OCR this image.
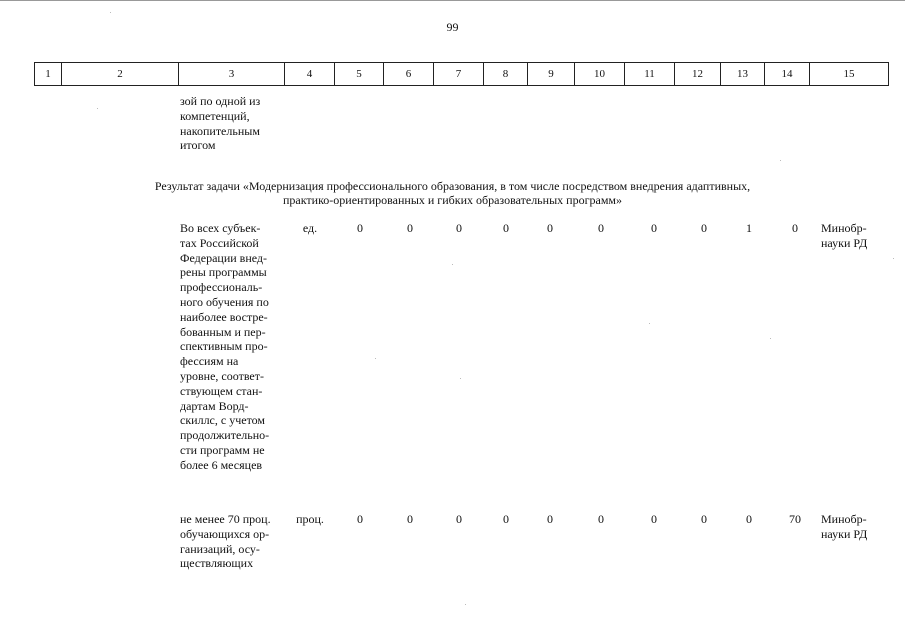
99
1	2	3	4	5	6	7	8	9	10	11	12	13	14	15
зой по одной из
компетенций,
накопительным
итогом
Результат задачи «Модернизация профессионального образования, в том числе посредством внедрения адаптивных,
практико-ориентированных и гибких образовательных программ»
Во всех субъек-
тах Российской
Федерации внед-
рены программы
профессиональ-
ного обучения по
наиболее востре-
бованным и пер-
спективным про-
фессиям на
уровне, соответ-
ствующем стан-
дартам Ворд-
скиллс, с учетом
продолжительно-
сти программ не
более 6 месяцев
ед.	0	0	0	0	0	0	0	0	1	0	Минобр-
науки РД
не менее 70 проц.
обучающихся ор-
ганизаций, осу-
ществляющих
проц.	0	0	0	0	0	0	0	0	0	70	Минобр-
науки РД
